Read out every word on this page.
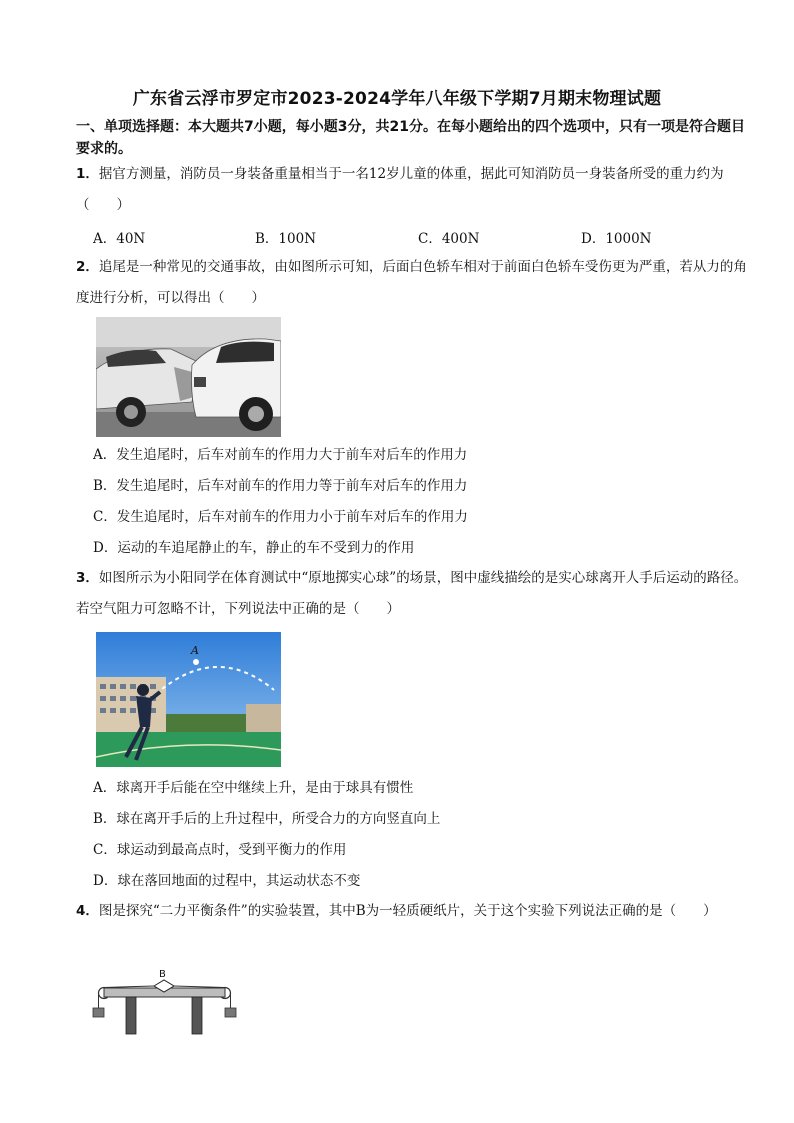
广东省云浮市罗定市2023-2024学年八年级下学期7月期末物理试题
一、单项选择题：本大题共7小题，每小题3分，共21分。在每小题给出的四个选项中，只有一项是符合题目要求的。
1．据官方测量，消防员一身装备重量相当于一名12岁儿童的体重，据此可知消防员一身装备所受的重力约为（　　）
A．40N	B．100N	C．400N	D．1000N
2．追尾是一种常见的交通事故，由如图所示可知，后面白色轿车相对于前面白色轿车受伤更为严重，若从力的角度进行分析，可以得出（　　）
A．发生追尾时，后车对前车的作用力大于前车对后车的作用力
B．发生追尾时，后车对前车的作用力等于前车对后车的作用力
C．发生追尾时，后车对前车的作用力小于前车对后车的作用力
D．运动的车追尾静止的车，静止的车不受到力的作用
3．如图所示为小阳同学在体育测试中“原地掷实心球”的场景，图中虚线描绘的是实心球离开人手后运动的路径。若空气阻力可忽略不计，下列说法中正确的是（　　）
A
A．球离开手后能在空中继续上升，是由于球具有惯性
B．球在离开手后的上升过程中，所受合力的方向竖直向上
C．球运动到最高点时，受到平衡力的作用
D．球在落回地面的过程中，其运动状态不变
4．图是探究“二力平衡条件”的实验装置，其中B为一轻质硬纸片，关于这个实验下列说法正确的是（　　）
B
